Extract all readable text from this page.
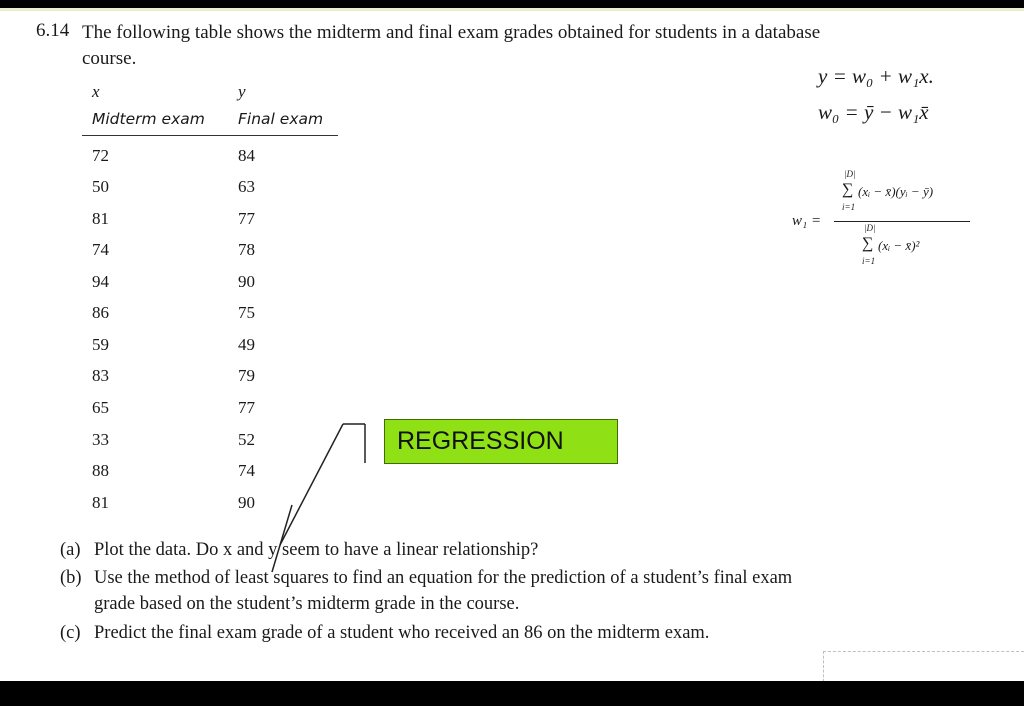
6.14 The following table shows the midterm and final exam grades obtained for students in a database course.
x	y
Midterm exam Final exam
72	84
50	63
81	77
74	78
94	90
86	75
59	49
83	79
65	77
33	52
88	74
81	90
y = w₀ + w₁x.
w₀ = ȳ − w₁x̄
w₁ =
|D|
∑
i=1
(xᵢ − x̄)(yᵢ − ȳ)
|D|
∑
i=1
(xᵢ − x̄)²
REGRESSION
(a) Plot the data. Do x and y seem to have a linear relationship?
(b) Use the method of least squares to find an equation for the prediction of a student’s final exam grade based on the student’s midterm grade in the course.
(c) Predict the final exam grade of a student who received an 86 on the midterm exam.
